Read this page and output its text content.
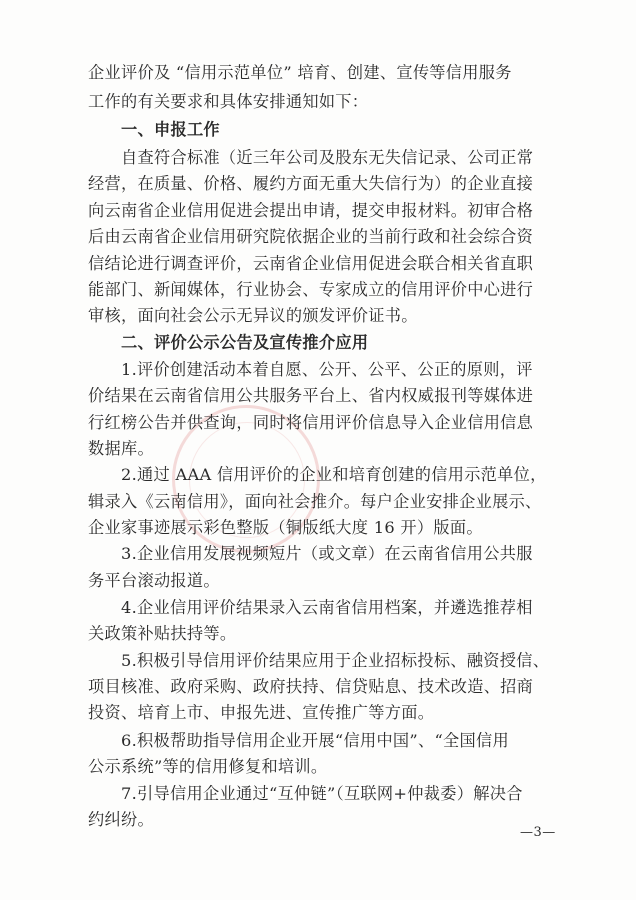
企业评价及 “信用示范单位” 培育、创建、宣传等信用服务
工作的有关要求和具体安排通知如下：
一、申报工作
自查符合标准（近三年公司及股东无失信记录、公司正常
经营，在质量、价格、履约方面无重大失信行为）的企业直接
向云南省企业信用促进会提出申请，提交申报材料。初审合格
后由云南省企业信用研究院依据企业的当前行政和社会综合资
信结论进行调查评价，云南省企业信用促进会联合相关省直职
能部门、新闻媒体，行业协会、专家成立的信用评价中心进行
审核，面向社会公示无异议的颁发评价证书。
二、评价公示公告及宣传推介应用
1.评价创建活动本着自愿、公开、公平、公正的原则，评
价结果在云南省信用公共服务平台上、省内权威报刊等媒体进
行红榜公告并供查询，同时将信用评价信息导入企业信用信息
数据库。
2.通过 AAA 信用评价的企业和培育创建的信用示范单位，
辑录入《云南信用》，面向社会推介。每户企业安排企业展示、
企业家事迹展示彩色整版（铜版纸大度 16 开）版面。
3.企业信用发展视频短片（或文章）在云南省信用公共服
务平台滚动报道。
4.企业信用评价结果录入云南省信用档案，并遴选推荐相
关政策补贴扶持等。
5.积极引导信用评价结果应用于企业招标投标、融资授信、
项目核准、政府采购、政府扶持、信贷贴息、技术改造、招商
投资、培育上市、申报先进、宣传推广等方面。
6.积极帮助指导信用企业开展“信用中国”、“全国信用
公示系统”等的信用修复和培训。
7.引导信用企业通过“互仲链”（互联网+仲裁委）解决合
约纠纷。
—3—
